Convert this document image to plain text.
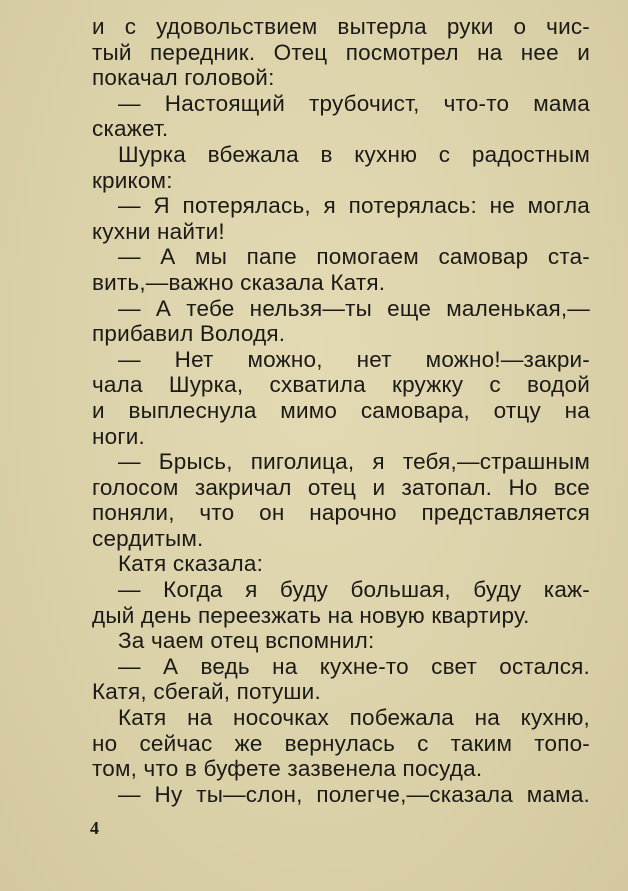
и с удовольствием вытерла руки о чис-
тый передник. Отец посмотрел на нее и
покачал головой:
— Настоящий трубочист, что-то мама
скажет.
Шурка вбежала в кухню с радостным
криком:
— Я потерялась, я потерялась: не могла
кухни найти!
— А мы папе помогаем самовар ста-
вить,—важно сказала Катя.
— А тебе нельзя—ты еще маленькая,—
прибавил Володя.
— Нет можно, нет можно!—закри-
чала Шурка, схватила кружку с водой
и выплеснула мимо самовара, отцу на
ноги.
— Брысь, пиголица, я тебя,—страшным
голосом закричал отец и затопал. Но все
поняли, что он нарочно представляется
сердитым.
Катя сказала:
— Когда я буду большая, буду каж-
дый день переезжать на новую квартиру.
За чаем отец вспомнил:
— А ведь на кухне-то свет остался.
Катя, сбегай, потуши.
Катя на носочках побежала на кухню,
но сейчас же вернулась с таким топо-
том, что в буфете зазвенела посуда.
— Ну ты—слон, полегче,—сказала мама.
4
